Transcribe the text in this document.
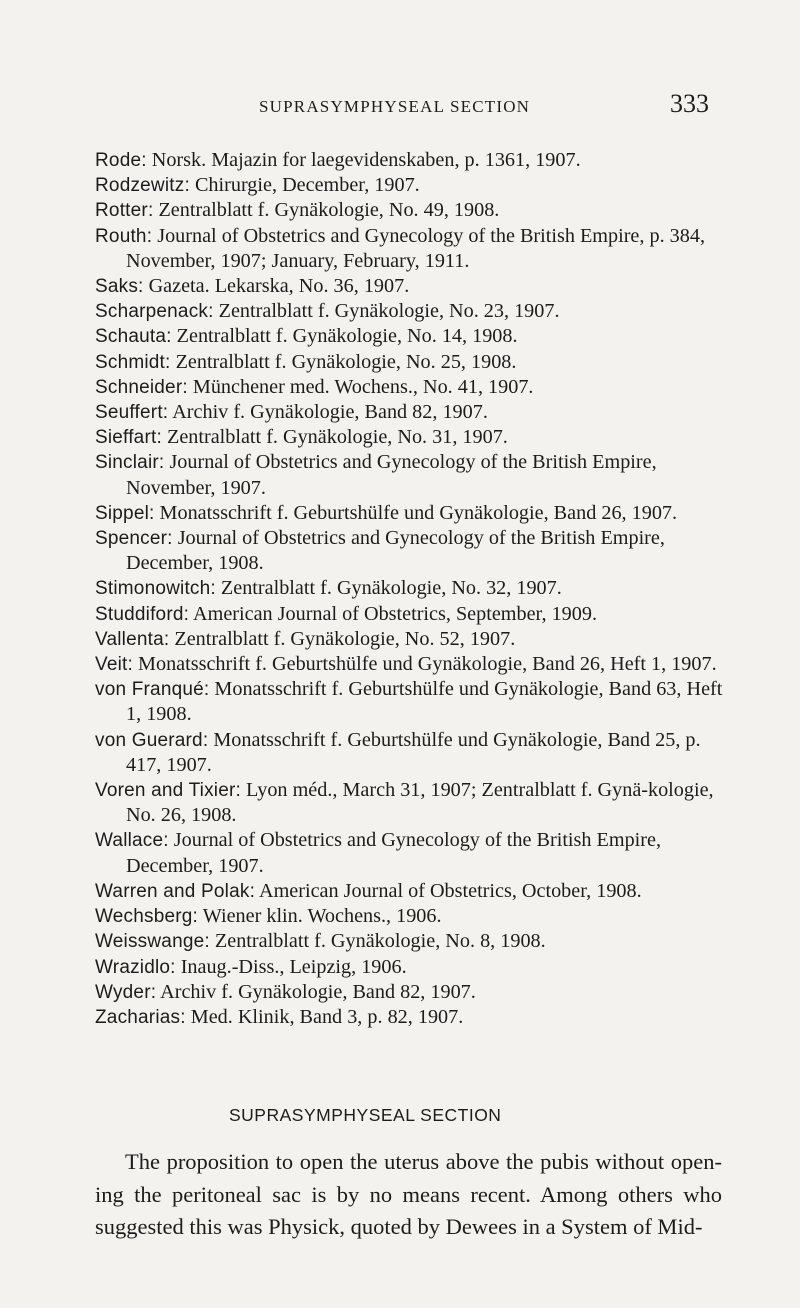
SUPRASYMPHYSEAL SECTION	333

Rode: Norsk. Majazin for laegevidenskaben, p. 1361, 1907.

Rodzewitz: Chirurgie, December, 1907.

Rotter: Zentralblatt f. Gynäkologie, No. 49, 1908.

Routh: Journal of Obstetrics and Gynecology of the British Empire, p. 384, November, 1907; January, February, 1911.

Saks: Gazeta. Lekarska, No. 36, 1907.

Scharpenack: Zentralblatt f. Gynäkologie, No. 23, 1907.

Schauta: Zentralblatt f. Gynäkologie, No. 14, 1908.

Schmidt: Zentralblatt f. Gynäkologie, No. 25, 1908.

Schneider: Münchener med. Wochens., No. 41, 1907.

Seuffert: Archiv f. Gynäkologie, Band 82, 1907.

Sieffart: Zentralblatt f. Gynäkologie, No. 31, 1907.

Sinclair: Journal of Obstetrics and Gynecology of the British Empire, November, 1907.

Sippel: Monatsschrift f. Geburtshülfe und Gynäkologie, Band 26, 1907.

Spencer: Journal of Obstetrics and Gynecology of the British Empire, December, 1908.

Stimonowitch: Zentralblatt f. Gynäkologie, No. 32, 1907.

Studdiford: American Journal of Obstetrics, September, 1909.

Vallenta: Zentralblatt f. Gynäkologie, No. 52, 1907.

Veit: Monatsschrift f. Geburtshülfe und Gynäkologie, Band 26, Heft 1, 1907.

von Franqué: Monatsschrift f. Geburtshülfe und Gynäkologie, Band 63, Heft 1, 1908.

von Guerard: Monatsschrift f. Geburtshülfe und Gynäkologie, Band 25, p. 417, 1907.

Voren and Tixier: Lyon méd., March 31, 1907; Zentralblatt f. Gynä-kologie, No. 26, 1908.

Wallace: Journal of Obstetrics and Gynecology of the British Empire, December, 1907.

Warren and Polak: American Journal of Obstetrics, October, 1908.

Wechsberg: Wiener klin. Wochens., 1906.

Weisswange: Zentralblatt f. Gynäkologie, No. 8, 1908.

Wrazidlo: Inaug.-Diss., Leipzig, 1906.

Wyder: Archiv f. Gynäkologie, Band 82, 1907.

Zacharias: Med. Klinik, Band 3, p. 82, 1907.

SUPRASYMPHYSEAL SECTION

The proposition to open the uterus above the pubis without open-ing the peritoneal sac is by no means recent. Among others who suggested this was Physick, quoted by Dewees in a System of Mid-
